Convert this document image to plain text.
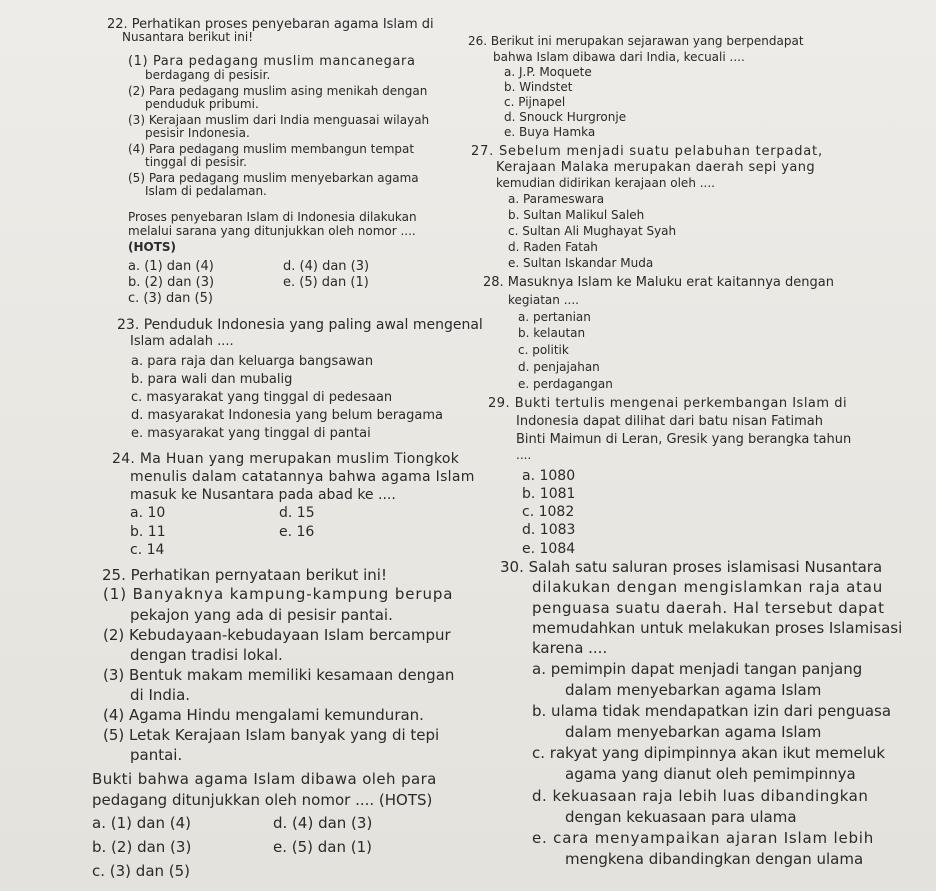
22. Perhatikan proses penyebaran agama Islam di
Nusantara berikut ini!
(1) Para pedagang muslim mancanegara
berdagang di pesisir.
(2) Para pedagang muslim asing menikah dengan
penduduk pribumi.
(3) Kerajaan muslim dari India menguasai wilayah
pesisir Indonesia.
(4) Para pedagang muslim membangun tempat
tinggal di pesisir.
(5) Para pedagang muslim menyebarkan agama
Islam di pedalaman.
Proses penyebaran Islam di Indonesia dilakukan
melalui sarana yang ditunjukkan oleh nomor ....
(HOTS)
a. (1) dan (4)
b. (2) dan (3)
c. (3) dan (5)
d. (4) dan (3)
e. (5) dan (1)
23. Penduduk Indonesia yang paling awal mengenal
Islam adalah ....
a. para raja dan keluarga bangsawan
b. para wali dan mubalig
c. masyarakat yang tinggal di pedesaan
d. masyarakat Indonesia yang belum beragama
e. masyarakat yang tinggal di pantai
24. Ma Huan yang merupakan muslim Tiongkok
menulis dalam catatannya bahwa agama Islam
masuk ke Nusantara pada abad ke ....
a. 10
b. 11
c. 14
d. 15
e. 16
25. Perhatikan pernyataan berikut ini!
(1) Banyaknya kampung-kampung berupa
pekajon yang ada di pesisir pantai.
(2) Kebudayaan-kebudayaan Islam bercampur
dengan tradisi lokal.
(3) Bentuk makam memiliki kesamaan dengan
di India.
(4) Agama Hindu mengalami kemunduran.
(5) Letak Kerajaan Islam banyak yang di tepi
pantai.
Bukti bahwa agama Islam dibawa oleh para
pedagang ditunjukkan oleh nomor .... (HOTS)
a. (1) dan (4)
b. (2) dan (3)
c. (3) dan (5)
d. (4) dan (3)
e. (5) dan (1)
26. Berikut ini merupakan sejarawan yang berpendapat
bahwa Islam dibawa dari India, kecuali ....
a. J.P. Moquete
b. Windstet
c. Pijnapel
d. Snouck Hurgronje
e. Buya Hamka
27. Sebelum menjadi suatu pelabuhan terpadat,
Kerajaan Malaka merupakan daerah sepi yang
kemudian didirikan kerajaan oleh ....
a. Parameswara
b. Sultan Malikul Saleh
c. Sultan Ali Mughayat Syah
d. Raden Fatah
e. Sultan Iskandar Muda
28. Masuknya Islam ke Maluku erat kaitannya dengan
kegiatan ....
a. pertanian
b. kelautan
c. politik
d. penjajahan
e. perdagangan
29. Bukti tertulis mengenai perkembangan Islam di
Indonesia dapat dilihat dari batu nisan Fatimah
Binti Maimun di Leran, Gresik yang berangka tahun
....
a. 1080
b. 1081
c. 1082
d. 1083
e. 1084
30. Salah satu saluran proses islamisasi Nusantara
dilakukan dengan mengislamkan raja atau
penguasa suatu daerah. Hal tersebut dapat
memudahkan untuk melakukan proses Islamisasi
karena ....
a. pemimpin dapat menjadi tangan panjang
dalam menyebarkan agama Islam
b. ulama tidak mendapatkan izin dari penguasa
dalam menyebarkan agama Islam
c. rakyat yang dipimpinnya akan ikut memeluk
agama yang dianut oleh pemimpinnya
d. kekuasaan raja lebih luas dibandingkan
dengan kekuasaan para ulama
e. cara menyampaikan ajaran Islam lebih
mengkena dibandingkan dengan ulama
